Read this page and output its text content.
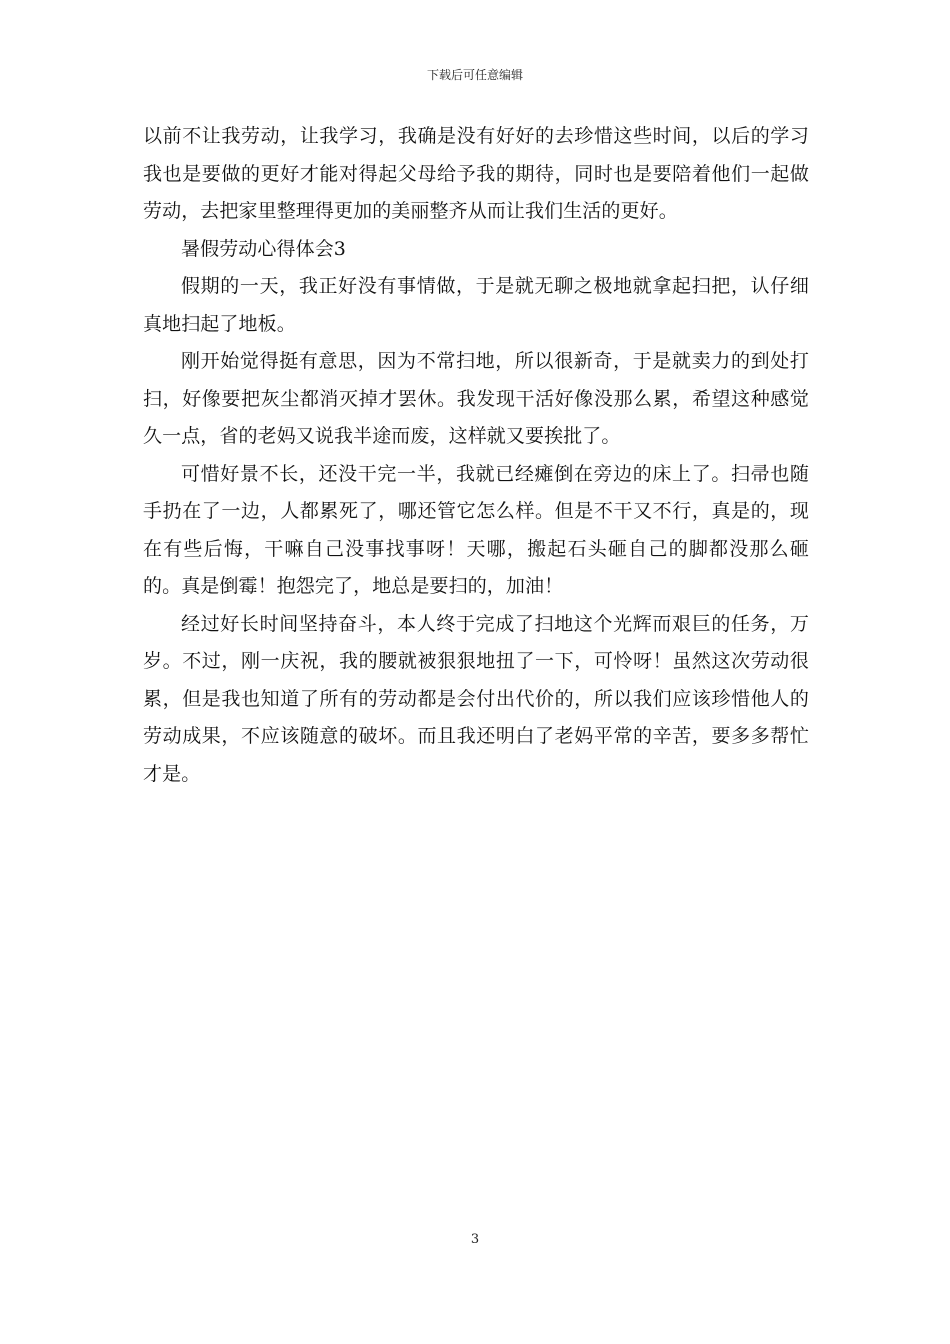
下载后可任意编辑

以前不让我劳动，让我学习，我确是没有好好的去珍惜这些时间，以后的学习我也是要做的更好才能对得起父母给予我的期待，同时也是要陪着他们一起做劳动，去把家里整理得更加的美丽整齐从而让我们生活的更好。

暑假劳动心得体会3

假期的一天，我正好没有事情做，于是就无聊之极地就拿起扫把，认仔细真地扫起了地板。

刚开始觉得挺有意思，因为不常扫地，所以很新奇，于是就卖力的到处打扫，好像要把灰尘都消灭掉才罢休。我发现干活好像没那么累，希望这种感觉久一点，省的老妈又说我半途而废，这样就又要挨批了。

可惜好景不长，还没干完一半，我就已经瘫倒在旁边的床上了。扫帚也随手扔在了一边，人都累死了，哪还管它怎么样。但是不干又不行，真是的，现在有些后悔，干嘛自己没事找事呀！天哪，搬起石头砸自己的脚都没那么砸的。真是倒霉！抱怨完了，地总是要扫的，加油！

经过好长时间坚持奋斗，本人终于完成了扫地这个光辉而艰巨的任务，万岁。不过，刚一庆祝，我的腰就被狠狠地扭了一下，可怜呀！虽然这次劳动很累，但是我也知道了所有的劳动都是会付出代价的，所以我们应该珍惜他人的劳动成果，不应该随意的破坏。而且我还明白了老妈平常的辛苦，要多多帮忙才是。

3
